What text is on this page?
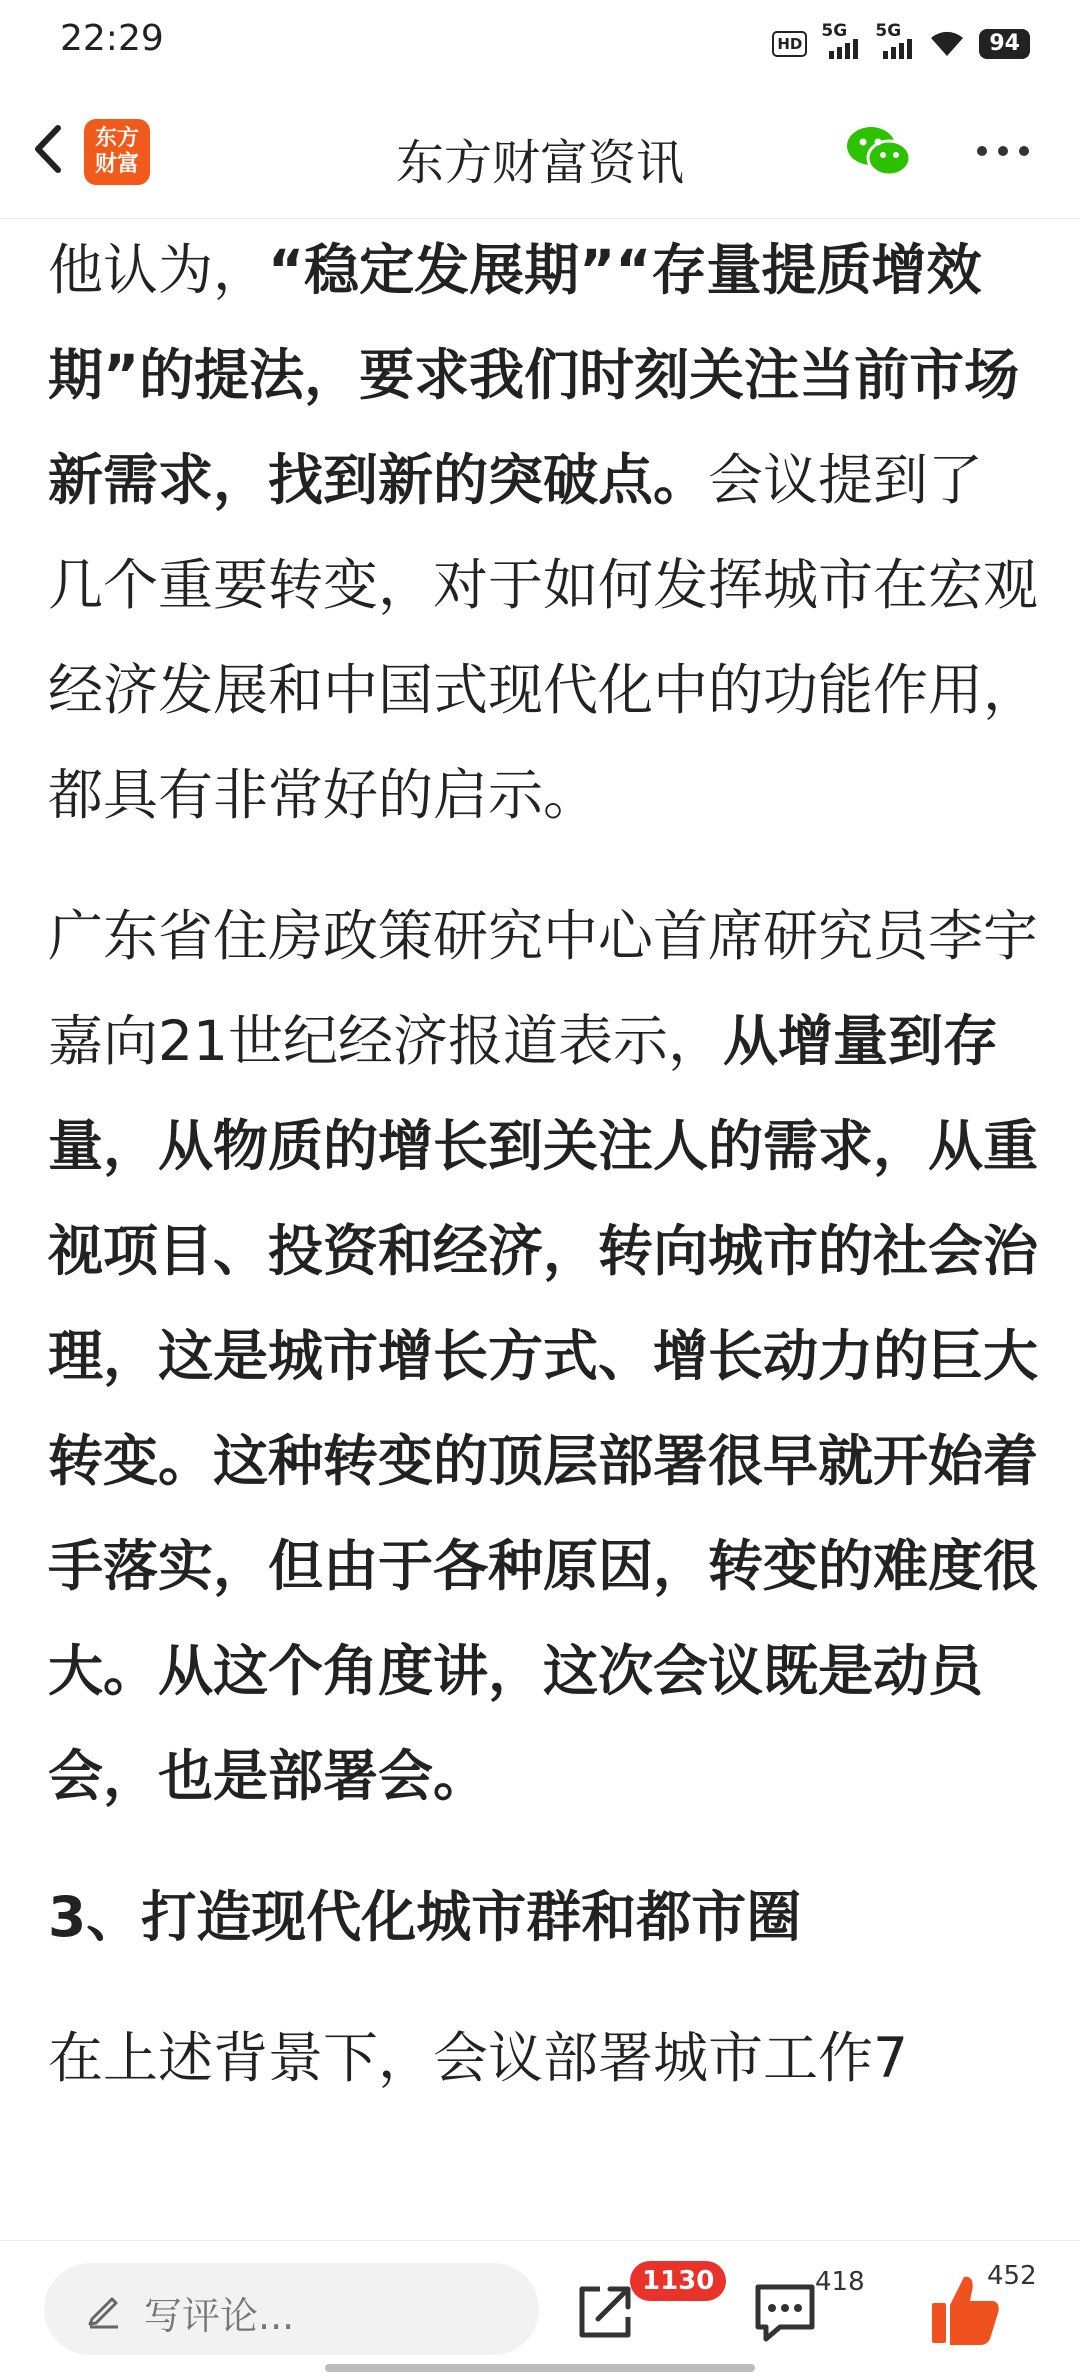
22:29	HD
5G 5G	94
东方
财富	东方财富资讯

他认为，“稳定发展期”“存量提质增效期”的提法，要求我们时刻关注当前市场新需求，找到新的突破点。会议提到了几个重要转变，对于如何发挥城市在宏观经济发展和中国式现代化中的功能作用，都具有非常好的启示。

广东省住房政策研究中心首席研究员李宇嘉向21世纪经济报道表示，从增量到存量，从物质的增长到关注人的需求，从重视项目、投资和经济，转向城市的社会治理，这是城市增长方式、增长动力的巨大转变。这种转变的顶层部署很早就开始着手落实，但由于各种原因，转变的难度很大。从这个角度讲，这次会议既是动员会，也是部署会。

3、打造现代化城市群和都市圈

在上述背景下，会议部署城市工作7

写评论...
1130	418	452
